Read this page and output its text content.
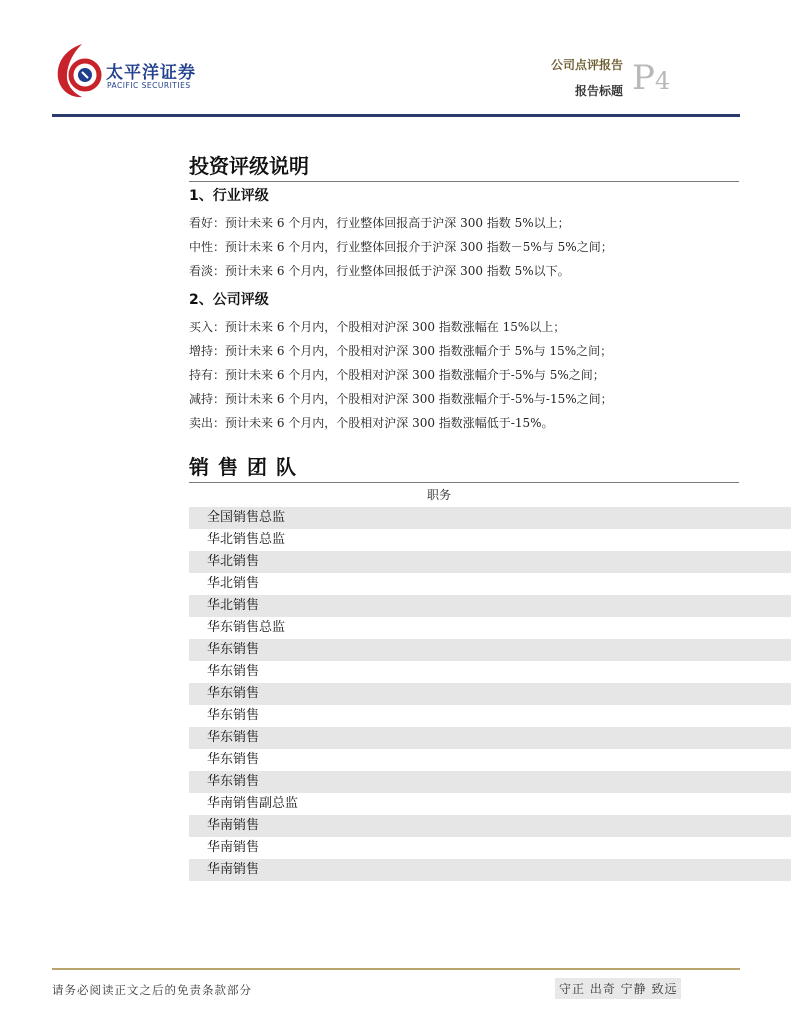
太平洋证券
PACIFIC SECURITIES
公司点评报告
报告标题 P4
投资评级说明
1、行业评级
看好：预计未来 6 个月内，行业整体回报高于沪深 300 指数 5%以上；
中性：预计未来 6 个月内，行业整体回报介于沪深 300 指数－5%与 5%之间；
看淡：预计未来 6 个月内，行业整体回报低于沪深 300 指数 5%以下。
2、公司评级
买入：预计未来 6 个月内，个股相对沪深 300 指数涨幅在 15%以上；
增持：预计未来 6 个月内，个股相对沪深 300 指数涨幅介于 5%与 15%之间；
持有：预计未来 6 个月内，个股相对沪深 300 指数涨幅介于-5%与 5%之间；
减持：预计未来 6 个月内，个股相对沪深 300 指数涨幅介于-5%与-15%之间；
卖出：预计未来 6 个月内，个股相对沪深 300 指数涨幅低于-15%。
销售团队
职务
全国销售总监
华北销售总监
华北销售
华北销售
华北销售
华东销售总监
华东销售
华东销售
华东销售
华东销售
华东销售
华东销售
华东销售
华南销售副总监
华南销售
华南销售
华南销售
请务必阅读正文之后的免责条款部分	守正 出奇 宁静 致远
